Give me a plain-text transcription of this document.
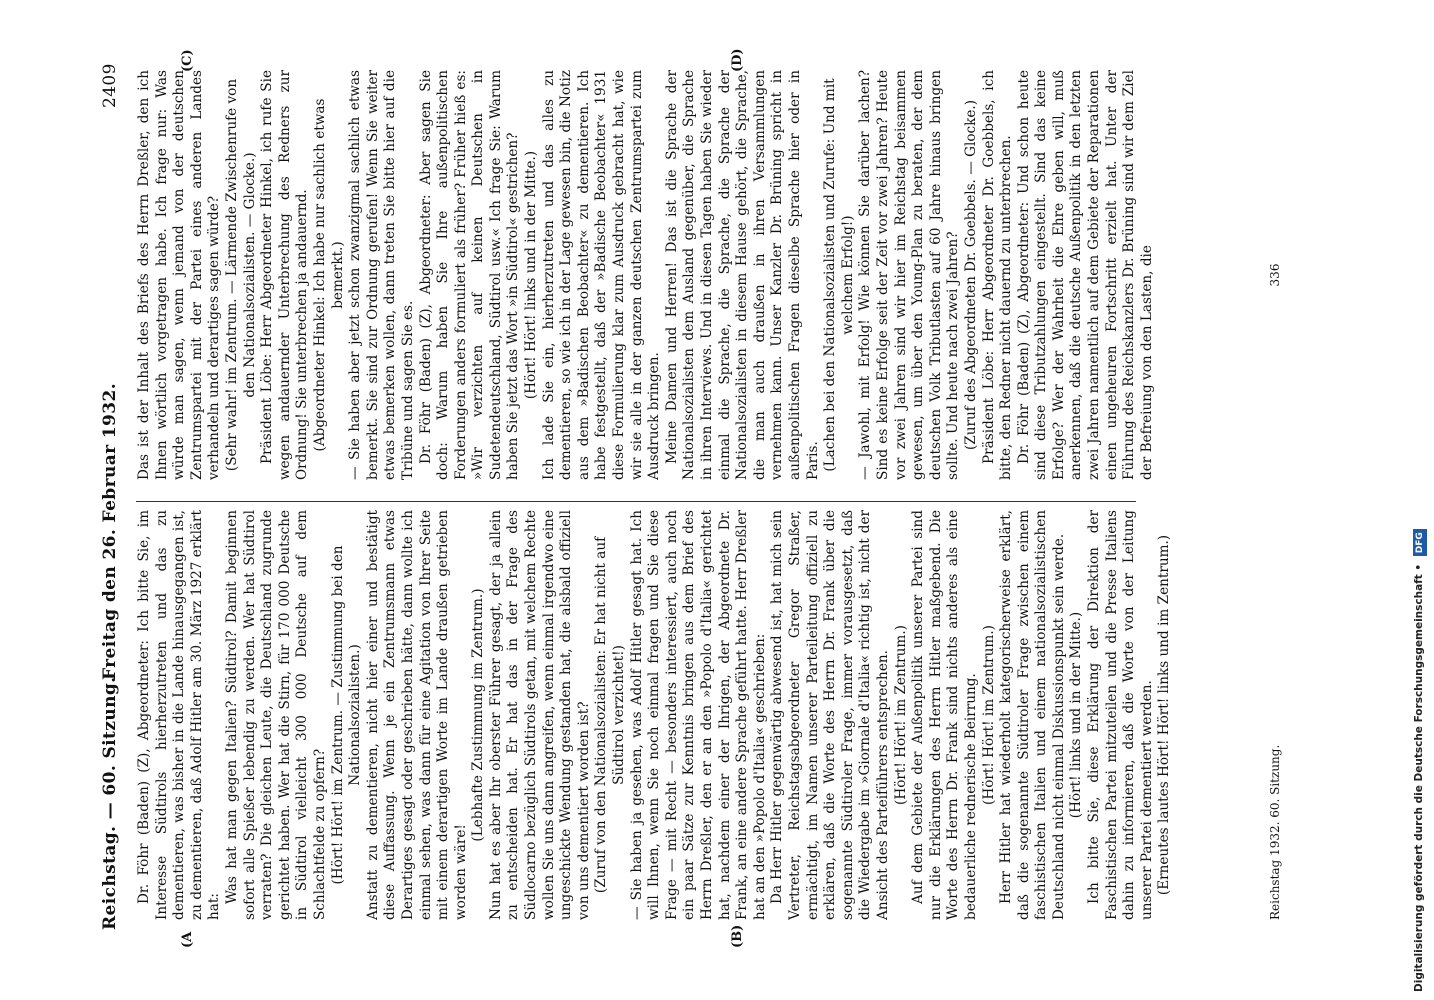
Reichstag. — 60. Sitzung.
Freitag den 26. Februar 1932.
2409
(A	(B)
(C)	(D)

Dr. Föhr (Baden) (Z), Abgeordneter: Ich bitte Sie, im Interesse Südtirols hierherzutreten und das zu dementieren, was bisher in die Lande hinausgegangen ist, zu dementieren, daß Adolf Hitler am 30. März 1927 erklärt hat:

Was hat man gegen Italien? Südtirol? Damit beginnen sofort alle Spießer lebendig zu werden. Wer hat Südtirol verraten? Die gleichen Leute, die Deutschland zugrunde gerichtet haben. Wer hat die Stirn, für 170 000 Deutsche in Südtirol vielleicht 300 000 Deutsche auf dem Schlachtfelde zu opfern? (Hört! Hört! im Zentrum. — Zustimmung bei den Nationalsozialisten.) Anstatt zu dementieren, nicht hier einer und bestätigt diese Auffassung. Wenn je ein Zentrumsmann etwas Derartiges gesagt oder geschrieben hätte, dann wollte ich einmal sehen, was dann für eine Agitation von Ihrer Seite mit einem derartigen Worte im Lande draußen getrieben worden wäre!

(Lebhafte Zustimmung im Zentrum.) Nun hat es aber Ihr oberster Führer gesagt, der ja allein zu entscheiden hat. Er hat das in der Frage des Südlocarno bezüglich Südtirols getan, mit welchem Rechte wollen Sie uns dann angreifen, wenn einmal irgendwo eine ungeschickte Wendung gestanden hat, die alsbald offiziell von uns dementiert worden ist? (Zuruf von den Nationalsozialisten: Er hat nicht auf Südtirol verzichtet!) — Sie haben ja gesehen, was Adolf Hitler gesagt hat. Ich will Ihnen, wenn Sie noch einmal fragen und Sie diese Frage — mit Recht — besonders interessiert, auch noch ein paar Sätze zur Kenntnis bringen aus dem Brief des Herrn Dreßler, den er an den »Popolo d'Italia« gerichtet hat, nachdem einer der Ihrigen, der Abgeordnete Dr. Frank, an eine andere Sprache geführt hatte. Herr Dreßler hat an den »Popolo d'Italia« geschrieben: Da Herr Hitler gegenwärtig abwesend ist, hat mich sein Vertreter, Reichstagsabgeordneter Gregor Straßer, ermächtigt, im Namen unserer Parteileitung offiziell zu erklären, daß die Worte des Herrn Dr. Frank über die sogenannte Südtiroler Frage, immer vorausgesetzt, daß die Wiedergabe im »Giornale d'Italia« richtig ist, nicht der Ansicht des Parteiführers entsprechen. (Hört! Hört! im Zentrum.) Auf dem Gebiete der Außenpolitik unserer Partei sind nur die Erklärungen des Herrn Hitler maßgebend. Die Worte des Herrn Dr. Frank sind nichts anderes als eine bedauerliche rednerische Beirrung. (Hört! Hört! im Zentrum.) Herr Hitler hat wiederholt kategorischerweise erklärt, daß die sogenannte Südtiroler Frage zwischen einem faschistischen Italien und einem nationalsozialistischen Deutschland nicht einmal Diskussionspunkt sein werde. (Hört! links und in der Mitte.) Ich bitte Sie, diese Erklärung der Direktion der Faschistischen Partei mitzuteilen und die Presse Italiens dahin zu informieren, daß die Worte von der Leitung unserer Partei dementiert werden. (Erneutes lautes Hört! Hört! links und im Zentrum.)

Das ist der Inhalt des Briefs des Herrn Dreßler, den ich Ihnen wörtlich vorgetragen habe. Ich frage nur: Was würde man sagen, wenn jemand von der deutschen Zentrumspartei mit der Partei eines anderen Landes verhandeln und derartiges sagen würde? (Sehr wahr! im Zentrum. — Lärmende Zwischenrufe von den Nationalsozialisten. — Glocke.) Präsident Löbe: Herr Abgeordneter Hinkel, ich rufe Sie wegen andauernder Unterbrechung des Redners zur Ordnung! Sie unterbrechen ja andauernd. (Abgeordneter Hinkel: Ich habe nur sachlich etwas bemerkt.) — Sie haben aber jetzt schon zwanzigmal sachlich etwas bemerkt. Sie sind zur Ordnung gerufen! Wenn Sie weiter etwas bemerken wollen, dann treten Sie bitte hier auf die Tribüne und sagen Sie es. Dr. Föhr (Baden) (Z), Abgeordneter: Aber sagen Sie doch: Warum haben Sie Ihre außenpolitischen Forderungen anders formuliert als früher? Früher hieß es: »Wir verzichten auf keinen Deutschen in Sudetendeutschland, Südtirol usw.« Ich frage Sie: Warum haben Sie jetzt das Wort »in Südtirol« gestrichen? (Hört! Hört! links und in der Mitte.) Ich lade Sie ein, hierherzutreten und das alles zu dementieren, so wie ich in der Lage gewesen bin, die Notiz aus dem »Badischen Beobachter« zu dementieren. Ich habe festgestellt, daß der »Badische Beobachter« 1931 diese Formulierung klar zum Ausdruck gebracht hat, wie wir sie alle in der ganzen deutschen Zentrumspartei zum Ausdruck bringen. Meine Damen und Herren! Das ist die Sprache der Nationalsozialisten dem Ausland gegenüber, die Sprache in ihren Interviews. Und in diesen Tagen haben Sie wieder einmal die Sprache, die Sprache, die Sprache der Nationalsozialisten in diesem Hause gehört, die Sprache, die man auch draußen in ihren Versammlungen vernehmen kann. Unser Kanzler Dr. Brüning spricht in außenpolitischen Fragen dieselbe Sprache hier oder in Paris. (Lachen bei den Nationalsozialisten und Zurufe: Und mit welchem Erfolg!) — Jawohl, mit Erfolg! Wie können Sie darüber lachen? Sind es keine Erfolge seit der Zeit vor zwei Jahren? Heute vor zwei Jahren sind wir hier im Reichstag beisammen gewesen, um über den Young-Plan zu beraten, der dem deutschen Volk Tributlasten auf 60 Jahre hinaus bringen sollte. Und heute nach zwei Jahren? (Zuruf des Abgeordneten Dr. Goebbels. — Glocke.) Präsident Löbe: Herr Abgeordneter Dr. Goebbels, ich bitte, den Redner nicht dauernd zu unterbrechen. Dr. Föhr (Baden) (Z), Abgeordneter: Und schon heute sind diese Tributzahlungen eingestellt. Sind das keine Erfolge? Wer der Wahrheit die Ehre geben will, muß anerkennen, daß die deutsche Außenpolitik in den letzten zwei Jahren namentlich auf dem Gebiete der Reparationen einen ungeheuren Fortschritt erzielt hat. Unter der Führung des Reichskanzlers Dr. Brüning sind wir dem Ziel der Befreiung von den Lasten, die

Reichstag 1932. 60. Sitzung.
336
Digitalisierung gefördert durch die Deutsche Forschungsgemeinschaft • DFG
